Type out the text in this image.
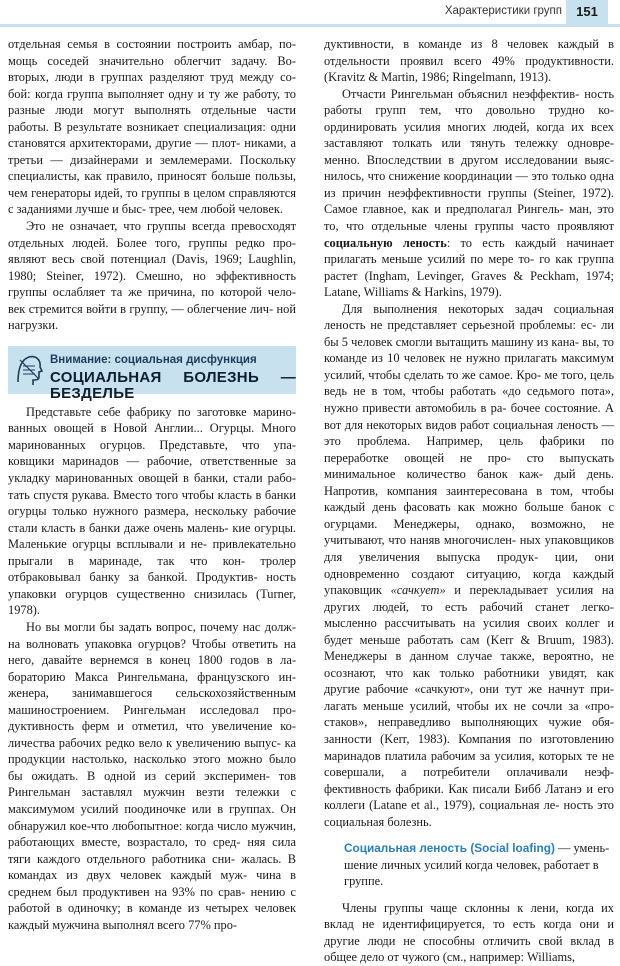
Характеристики групп	151

отдельная семья в состоянии построить амбар, по- мощь соседей значительно облегчит задачу. Во- вторых, люди в группах разделяют труд между со- бой: когда группа выполняет одну и ту же работу, то разные люди могут выполнять отдельные части работы. В результате возникает специализация: одни становятся архитекторами, другие — плот- никами, а третьи — дизайнерами и землемерами. Поскольку специалисты, как правило, приносят больше пользы, чем генераторы идей, то группы в целом справляются с заданиями лучше и быс- трее, чем любой человек.

Это не означает, что группы всегда превосходят отдельных людей. Более того, группы редко про- являют весь свой потенциал (Davis, 1969; Laughlin, 1980; Steiner, 1972). Смешно, но эффективность группы ослабляет та же причина, по которой чело- век стремится войти в группу, — облегчение лич- ной нагрузки.

Внимание: социальная дисфункция
СОЦИАЛЬНАЯ БОЛЕЗНЬ — БЕЗДЕЛЬЕ

Представьте себе фабрику по заготовке марино- ванных овощей в Новой Англии... Огурцы. Много маринованных огурцов. Представьте, что упа- ковщики маринадов — рабочие, ответственные за укладку маринованных овощей в банки, стали рабо- тать спустя рукава. Вместо того чтобы класть в банки огурцы только нужного размера, нескольку рабочие стали класть в банки даже очень малень- кие огурцы. Маленькие огурцы всплывали и не- привлекательно прыгали в маринаде, так что кон- тролер отбраковывал банку за банкой. Продуктив- ность упаковки огурцов существенно снизилась (Turner, 1978).

Но вы могли бы задать вопрос, почему нас долж- на волновать упаковка огурцов? Чтобы ответить на него, давайте вернемся в конец 1800 годов в ла- бораторию Макса Рингельмана, французского ин- женера, занимавшегося сельскохозяйственным машиностроением. Рингельман исследовал про- дуктивность ферм и отметил, что увеличение ко- личества рабочих редко вело к увеличению выпус- ка продукции настолько, насколько этого можно было бы ожидать. В одной из серий эксперимен- тов Рингельман заставлял мужчин везти тележки с максимумом усилий поодиночке или в группах. Он обнаружил кое-что любопытное: когда число мужчин, работающих вместе, возрастало, то сред- няя сила тяги каждого отдельного работника сни- жалась. В командах из двух человек каждый муж- чина в среднем был продуктивен на 93% по срав- нению с работой в одиночку; в команде из четырех человек каждый мужчина выполнял всего 77% про-

дуктивности, в команде из 8 человек каждый в отдельности проявил всего 49% продуктивности. (Kravitz & Martin, 1986; Ringelmann, 1913).

Отчасти Рингельман объяснил неэффектив- ность работы групп тем, что довольно трудно ко- ординировать усилия многих людей, когда их всех заставляют толкать или тянуть тележку одновре- менно. Впоследствии в другом исследовании выяс- нилось, что снижение координации — это только одна из причин неэффективности группы (Steiner, 1972). Самое главное, как и предполагал Рингель- ман, это то, что отдельные члены группы часто проявляют социальную леность: то есть каждый начинает прилагать меньше усилий по мере то- го как группа растет (Ingham, Levinger, Graves & Peckham, 1974; Latane, Williams & Harkins, 1979).

Для выполнения некоторых задач социальная леность не представляет серьезной проблемы: ес- ли бы 5 человек смогли вытащить машину из кана- вы, то команде из 10 человек не нужно прилагать максимум усилий, чтобы сделать то же самое. Кро- ме того, цель ведь не в том, чтобы работать «до седьмого пота», нужно привести автомобиль в ра- бочее состояние. А вот для некоторых видов работ социальная леность — это проблема. Например, цель фабрики по переработке овощей не про- сто выпускать минимальное количество банок каж- дый день. Напротив, компания заинтересована в том, чтобы каждый день фасовать как можно больше банок с огурцами. Менеджеры, однако, возможно, не учитывают, что наняв многочислен- ных упаковщиков для увеличения выпуска продук- ции, они одновременно создают ситуацию, когда каждый упаковщик «сачкует» и перекладывает усилия на других людей, то есть рабочий станет легко- мысленно рассчитывать на усилия своих коллег и будет меньше работать сам (Kerr & Bruum, 1983). Менеджеры в данном случае также, вероятно, не осознают, что как только работники увидят, как другие рабочие «сачкуют», они тут же начнут при- лагать меньше усилий, чтобы их не сочли за «про- стаков», неправедливо выполняющих чужие обя- занности (Kerr, 1983). Компания по изготовлению маринадов платила рабочим за усилия, которых те не совершали, а потребители оплачивали неэф- фективность фабрики. Как писали Бибб Латанэ и его коллеги (Latane et al., 1979), социальная ле- ность это социальная болезнь.

Социальная леность (Social loafing) — умень- шение личных усилий когда человек, работает в группе.

Члены группы чаще склонны к лени, когда их вклад не идентифицируется, то есть когда они и другие люди не способны отличить свой вклад в общее дело от чужого (см., например: Williams,
